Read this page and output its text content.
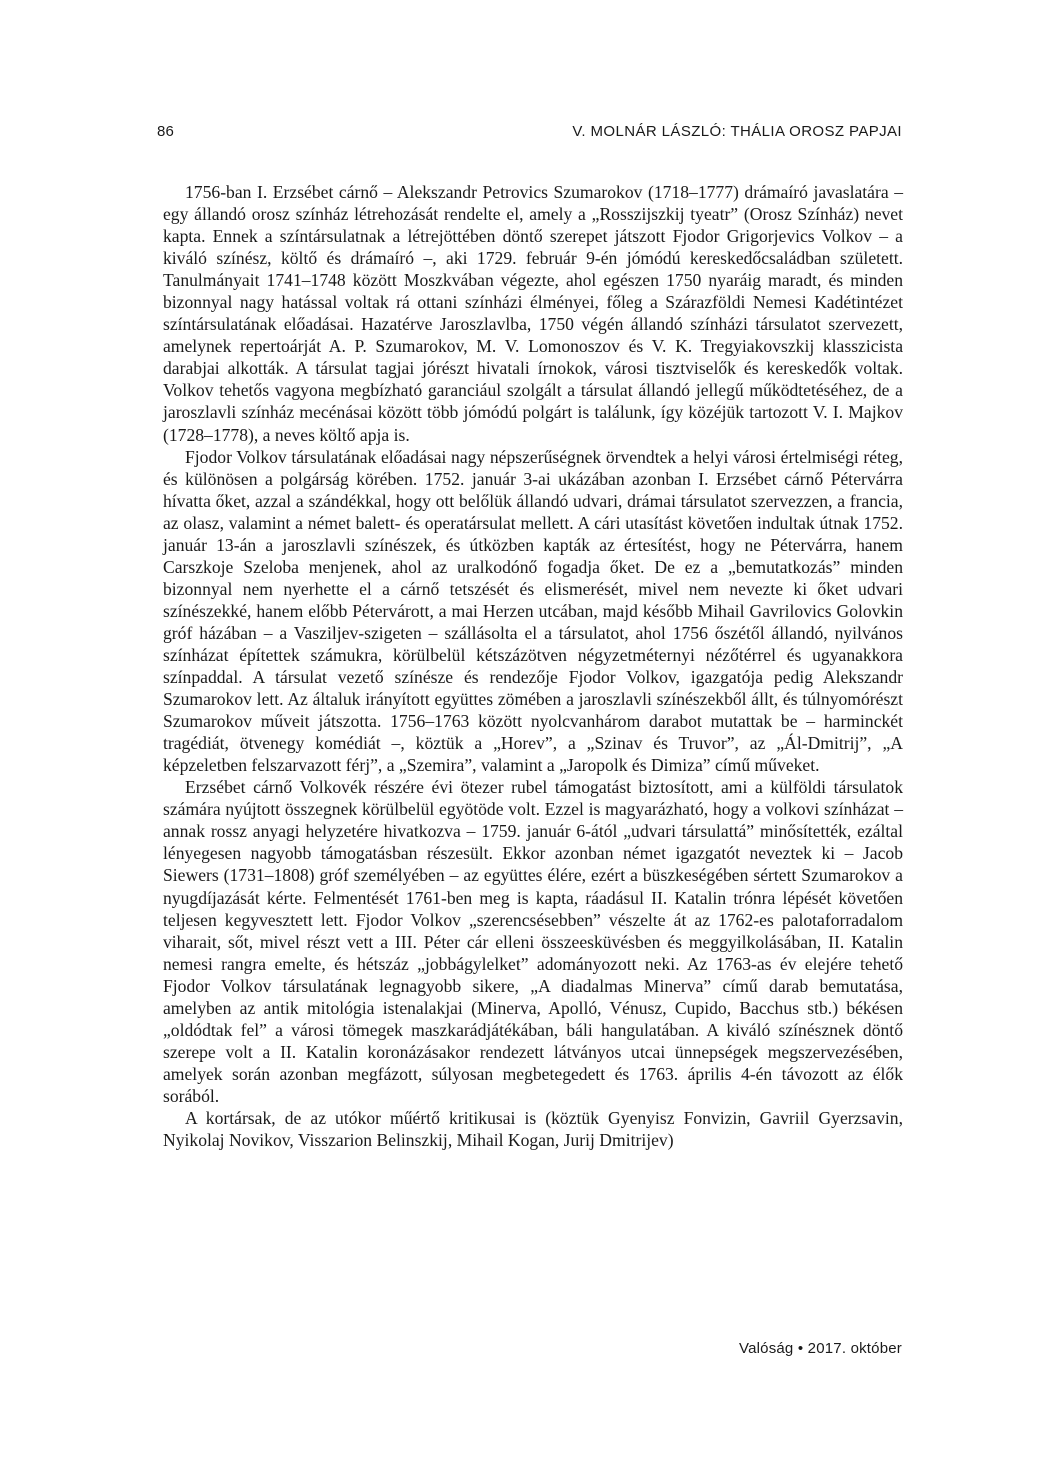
86	V. MOLNÁR LÁSZLÓ: THÁLIA OROSZ PAPJAI

1756-ban I. Erzsébet cárnő – Alekszandr Petrovics Szumarokov (1718–1777) drámaíró javaslatára – egy állandó orosz színház létrehozását rendelte el, amely a „Rosszijszkij tyeatr” (Orosz Színház) nevet kapta. Ennek a színtársulatnak a létrejöttében döntő szerepet játszott Fjodor Grigorjevics Volkov – a kiváló színész, költő és drámaíró –, aki 1729. február 9-én jómódú kereskedőcsaládban született. Tanulmányait 1741–1748 között Moszkvában végezte, ahol egészen 1750 nyaráig maradt, és minden bizonnyal nagy hatással voltak rá ottani színházi élményei, főleg a Szárazföldi Nemesi Kadétintézet színtársulatának előadásai. Hazatérve Jaroszlavlba, 1750 végén állandó színházi társulatot szervezett, amelynek repertoárját A. P. Szumarokov, M. V. Lomonoszov és V. K. Tregyiakovszkij klasszicista darabjai alkották. A társulat tagjai jórészt hivatali írnokok, városi tisztviselők és kereskedők voltak. Volkov tehetős vagyona megbízható garanciául szolgált a társulat állandó jellegű működtetéséhez, de a jaroszlavli színház mecénásai között több jómódú polgárt is találunk, így közéjük tartozott V. I. Majkov (1728–1778), a neves költő apja is.

Fjodor Volkov társulatának előadásai nagy népszerűségnek örvendtek a helyi városi értelmiségi réteg, és különösen a polgárság körében. 1752. január 3-ai ukázában azonban I. Erzsébet cárnő Pétervárra hívatta őket, azzal a szándékkal, hogy ott belőlük állandó udvari, drámai társulatot szervezzen, a francia, az olasz, valamint a német balett- és operatársulat mellett. A cári utasítást követően indultak útnak 1752. január 13-án a jaroszlavli színészek, és útközben kapták az értesítést, hogy ne Pétervárra, hanem Carszkoje Szeloba menjenek, ahol az uralkodónő fogadja őket. De ez a „bemutatkozás” minden bizonnyal nem nyerhette el a cárnő tetszését és elismerését, mivel nem nevezte ki őket udvari színészekké, hanem előbb Pétervárott, a mai Herzen utcában, majd később Mihail Gavrilovics Golovkin gróf házában – a Vasziljev-szigeten – szállásolta el a társulatot, ahol 1756 őszétől állandó, nyilvános színházat építettek számukra, körülbelül kétszázötven négyzetméternyi nézőtérrel és ugyanakkora színpaddal. A társulat vezető színésze és rendezője Fjodor Volkov, igazgatója pedig Alekszandr Szumarokov lett. Az általuk irányított együttes zömében a jaroszlavli színészekből állt, és túlnyomórészt Szumarokov műveit játszotta. 1756–1763 között nyolcvanhárom darabot mutattak be – harminckét tragédiát, ötvenegy komédiát –, köztük a „Horev”, a „Szinav és Truvor”, az „Ál-Dmitrij”, „A képzeletben felszarvazott férj”, a „Szemira”, valamint a „Jaropolk és Dimiza” című műveket.

Erzsébet cárnő Volkovék részére évi ötezer rubel támogatást biztosított, ami a külföldi társulatok számára nyújtott összegnek körülbelül egyötöde volt. Ezzel is magyarázható, hogy a volkovi színházat – annak rossz anyagi helyzetére hivatkozva – 1759. január 6-ától „udvari társulattá” minősítették, ezáltal lényegesen nagyobb támogatásban részesült. Ekkor azonban német igazgatót neveztek ki – Jacob Siewers (1731–1808) gróf személyében – az együttes élére, ezért a büszkeségében sértett Szumarokov a nyugdíjazását kérte. Felmentését 1761-ben meg is kapta, ráadásul II. Katalin trónra lépését követően teljesen kegyvesztett lett. Fjodor Volkov „szerencsésebben” vészelte át az 1762-es palotaforradalom viharait, sőt, mivel részt vett a III. Péter cár elleni összeesküvésben és meggyilkolásában, II. Katalin nemesi rangra emelte, és hétszáz „jobbágylelket” adományozott neki. Az 1763-as év elejére tehető Fjodor Volkov társulatának legnagyobb sikere, „A diadalmas Minerva” című darab bemutatása, amelyben az antik mitológia istenalakjai (Minerva, Apolló, Vénusz, Cupido, Bacchus stb.) békésen „oldódtak fel” a városi tömegek maszkarádjátékában, báli hangulatában. A kiváló színésznek döntő szerepe volt a II. Katalin koronázásakor rendezett látványos utcai ünnepségek megszervezésében, amelyek során azonban megfázott, súlyosan megbetegedett és 1763. április 4-én távozott az élők sorából.

A kortársak, de az utókor műértő kritikusai is (köztük Gyenyisz Fonvizin, Gavriil Gyerzsavin, Nyikolaj Novikov, Visszarion Belinszkij, Mihail Kogan, Jurij Dmitrijev)

Valóság • 2017. október
